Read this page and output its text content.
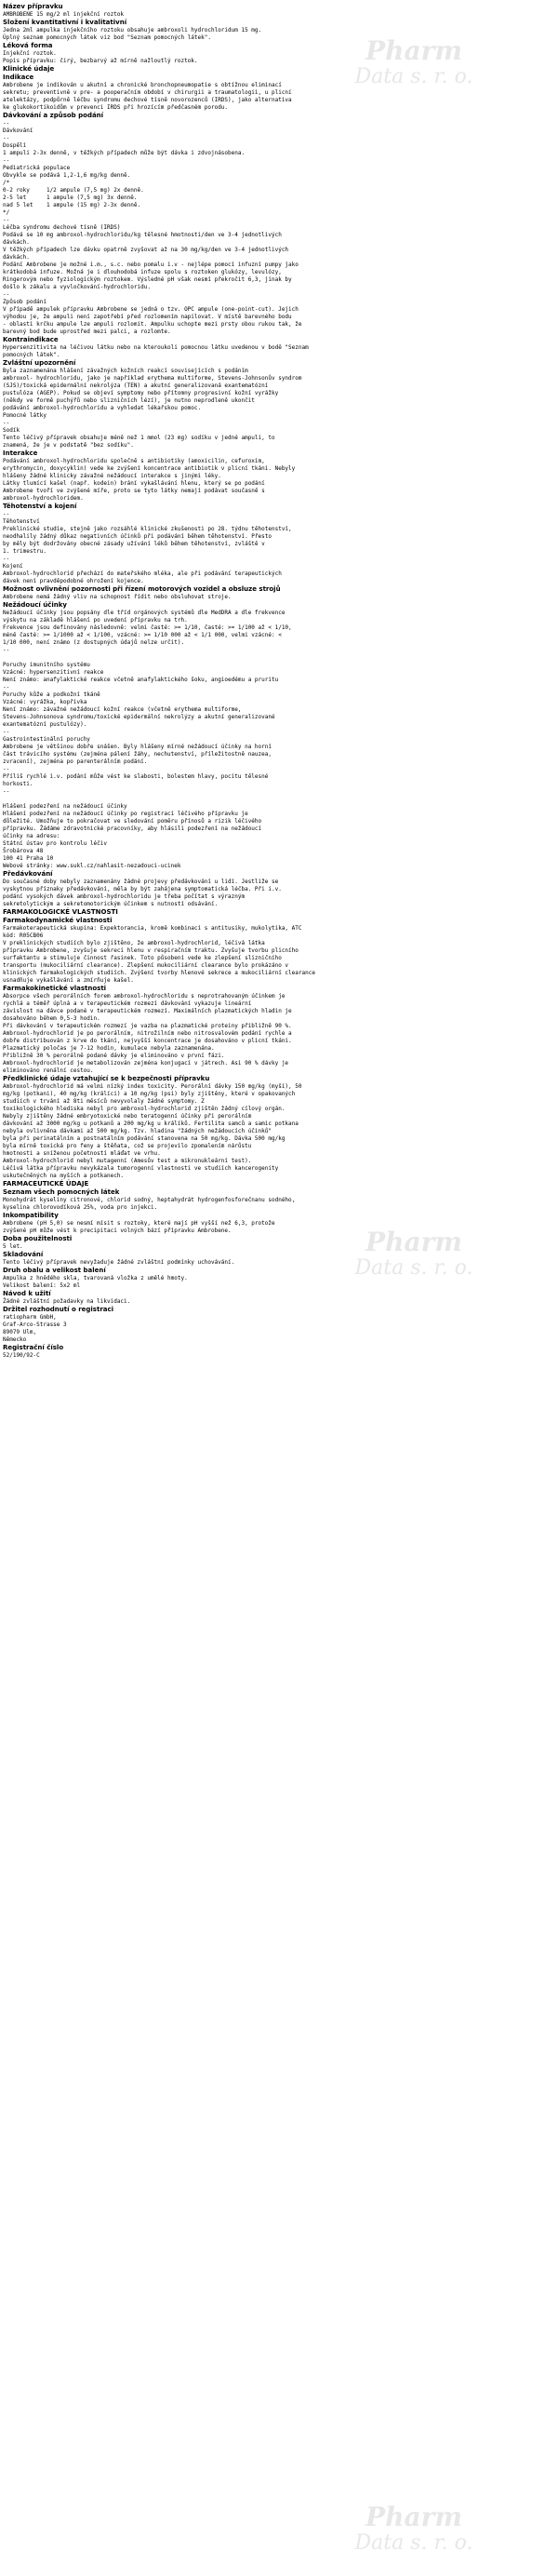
Název přípravku
AMBROBENE 15 mg/2 ml injekční roztok
Složení kvantitativní i kvalitativní
Jedna 2ml ampulka injekčního roztoku obsahuje ambroxoli hydrochloridum 15 mg.
Úplný seznam pomocných látek viz bod "Seznam pomocných látek".
Léková forma
Injekční roztok.
Popis přípravku: čirý, bezbarvý až mírně nažloutlý roztok.
Klinické údaje
Indikace
Ambrobene je indikován u akutní a chronické bronchopneumopatie s obtížnou eliminací
sekretu; preventivně v pre- a pooperačním období v chirurgii a traumatologii, u plicní
atelektázy, podpůrně léčbu syndromu dechové tísně novorozenců (IRDS), jako alternativa
ke glukokortikoidům v prevenci IRDS při hrozícím předčasném porodu.
Dávkování a způsob podání
--
Dávkování
--
Dospělí
1 ampuli 2-3x denně, v těžkých případech může být dávka i zdvojnásobena.
--
Pediatrická populace
Obvykle se podává 1,2-1,6 mg/kg denně.
/*
0-2 roky     1/2 ampule (7,5 mg) 2x denně.
2-5 let      1 ampule (7,5 mg) 3x denně.
nad 5 let    1 ampule (15 mg) 2-3x denně.
*/
--
Léčba syndromu dechové tísně (IRDS)
Podává se 10 mg ambroxol-hydrochloridu/kg tělesné hmotnosti/den ve 3-4 jednotlivých
dávkách.
V těžkých případech lze dávku opatrně zvyšovat až na 30 mg/kg/den ve 3-4 jednotlivých
dávkách.
Podání Ambrobene je možné i.m., s.c. nebo pomalu i.v - nejlépe pomocí infuzní pumpy jako
krátkodobá infuze. Možná je i dlouhodobá infuze spolu s roztoken glukózy, levulózy,
Ringerovým nebo fyziologickým roztokem. Výsledné pH však nesmí překročit 6,3, jinak by
došlo k zákalu a vyvločkování-hydrochloridu.
--
Způsob podání
V případě ampulek přípravku Ambrobene se jedná o tzv. OPC ampule (one-point-cut). Jejich
výhodou je, že ampuli není zapotřebí před rozlomením napilovat. V místě barevného bodu
- oblasti krčku ampule lze ampuli rozlomit. Ampulku uchopte mezi prsty obou rukou tak, že
barevný bod bude uprostřed mezi palci, a rozlomte.
Kontraindikace
Hypersenzitivita na léčivou látku nebo na kteroukoli pomocnou látku uvedenou v bodě "Seznam
pomocných látek".
Zvláštní upozornění
Byla zaznamenána hlášení závažných kožních reakcí souvisejících s podáním
ambroxol- hydrochloridu, jako je například erythema multiforme, Stevens-Johnsonův syndrom
(SJS)/toxická epidermální nekrolýza (TEN) a akutní generalizovaná exantematózní
pustulóza (AGEP). Pokud se objeví symptomy nebo přítomny progresivní kožní vyrážky
(někdy ve formě puchýřů nebo slizničních lézí), je nutno neprodleně ukončit
podávání ambroxol-hydrochloridu a vyhledat lékařskou pomoc.
Pomocné látky
--
Sodík
Tento léčivý přípravek obsahuje méně než 1 mmol (23 mg) sodíku v jedné ampuli, to
znamená, že je v podstatě "bez sodíku".
Interakce
Podávání ambroxol-hydrochloridu společně s antibiotiky (amoxicilin, cefuroxim,
erythromycin, doxycyklin) vede ke zvýšení koncentrace antibiotik v plicní tkáni. Nebyly
hlášeny žádné klinicky závažné nežádoucí interakce s jinými léky.
Látky tlumící kašel (např. kodein) brání vykašlávání hlenu, který se po podání
Ambrobene tvoří ve zvýšené míře, proto se tyto látky nemají podávat současně s
ambroxol-hydrochloridem.
Těhotenství a kojení
--
Těhotenství
Preklinické studie, stejně jako rozsáhlé klinické zkušenosti po 28. týdnu těhotenství,
neodhalily žádný důkaz negativních účinků při podávání během těhotenství. Přesto
by měly být dodržovány obecné zásady užívání léků během těhotenství, zvláště v
1. trimestru.
--
Kojení
Ambroxol-hydrochlorid přechází do mateřského mléka, ale při podávání terapeutických
dávek není pravděpodobné ohrožení kojence.
Možnost ovlivnění pozornosti při řízení motorových vozidel a obsluze strojů
Ambrobene nemá žádný vliv na schopnost řídit nebo obsluhovat stroje.
Nežádoucí účinky
Nežádoucí účinky jsou popsány dle tříd orgánových systémů dle MedDRA a dle frekvence
výskytu na základě hlášení po uvedení přípravku na trh.
Frekvence jsou definovány následovně: velmi časté: >= 1/10, časté: >= 1/100 až < 1/10,
méně časté: >= 1/1000 až < 1/100, vzácné: >= 1/10 000 až < 1/1 000, velmi vzácné: <
1/10 000, není známo (z dostupných údajů nelze určit).
--

Poruchy imunitního systému
Vzácné: hypersenzitivní reakce
Není známo: anafylaktické reakce včetně anafylaktického šoku, angioedému a pruritu
--
Poruchy kůže a podkožní tkáně
Vzácné: vyrážka, kopřivka
Není známo: závažné nežádoucí kožní reakce (včetně erythema multiforme,
Stevens-Johnsonova syndromu/toxické epidermální nekrolýzy a akutní generalizované
exantematózní pustulózy).
--
Gastrointestinální poruchy
Ambrobene je většinou dobře snášen. Byly hlášeny mírné nežádoucí účinky na horní
část trávicího systému (zejména pálení žáhy, nechutenství, příležitostně nauzea,
zvracení), zejména po parenterálním podání.
--
Příliš rychlé i.v. podání může vést ke slabosti, bolestem hlavy, pocitu tělesné
horkosti.
--

Hlášení podezření na nežádoucí účinky
Hlášení podezření na nežádoucí účinky po registraci léčivého přípravku je
důležité. Umožňuje to pokračovat ve sledování poměru přínosů a rizik léčivého
přípravku. Žádáme zdravotnické pracovníky, aby hlásili podezření na nežádoucí
účinky na adresu:
Státní ústav pro kontrolu léčiv
Šrobárova 48
100 41 Praha 10
Webové stránky: www.sukl.cz/nahlasit-nezadouci-ucinek
Předávkování
Do současné doby nebyly zaznamenány žádné projevy předávkování u lidí. Jestliže se
vyskytnou příznaky předávkování, měla by být zahájena symptomatická léčba. Při i.v.
podání vysokých dávek ambroxol-hydrochloridu je třeba počítat s výrazným
sekretolytickým a sekretomotorickým účinkem s nutností odsávání.
FARMAKOLOGICKÉ VLASTNOSTI
Farmakodynamické vlastnosti
Farmakoterapeutická skupina: Expektorancia, kromě kombinací s antitusiky, mukolytika, ATC
kód: R05CB06
V preklinických studiích bylo zjištěno, že ambroxol-hydrochlorid, léčivá látka
přípravku Ambrobene, zvyšuje sekreci hlenu v respiračním traktu. Zvyšuje tvorbu plicního
surfaktantu a stimuluje činnost řasinek. Toto působení vede ke zlepšení slizničního
transportu (mukociliární clearance). Zlepšení mukociliární clearance bylo prokázáno v
klinických farmakologických studiích. Zvýšení tvorby hlenové sekrece a mukociliární clearance
usnadňuje vykašlávání a zmírňuje kašel.
Farmakokinetické vlastnosti
Absorpce všech perorálních forem ambroxol-hydrochloridu s neprotrahovaným účinkem je
rychlá a téměř úplná a v terapeutickém rozmezí dávkování vykazuje lineární
závislost na dávce podané v terapeutickém rozmezí. Maximálních plazmatických hladin je
dosahováno během 0,5-3 hodin.
Při dávkování v terapeutickém rozmezí je vazba na plazmatické proteiny přibližně 90 %.
Ambroxol-hydrochlorid je po perorálním, nitrožilním nebo nitrosvalovém podání rychle a
dobře distribuován z krve do tkání, nejvyšší koncentrace je dosahováno v plicní tkáni.
Plazmatický poločas je 7-12 hodin, kumulace nebyla zaznamenána.
Přibližně 30 % perorálně podané dávky je eliminováno v první fázi.
Ambroxol-hydrochlorid je metabolizován zejména konjugací v játrech. Asi 90 % dávky je
eliminováno renální cestou.
Předklinické údaje vztahující se k bezpečnosti přípravku
Ambroxol-hydrochlorid má velmi nízký index toxicity. Perorální dávky 150 mg/kg (myši), 50
mg/kg (potkani), 40 mg/kg (králíci) a 10 mg/kg (psi) byly zjištěny, které v opakovaných
studiích v trvání až 8ti měsíců nevyvolaly žádné symptomy. Z
toxikologického hlediska nebyl pro ambroxol-hydrochlorid zjištěn žádný cílový orgán.
Nebyly zjištěny žádné embryotoxické nebo teratogenní účinky při perorálním
dávkování až 3000 mg/kg u potkanů a 200 mg/kg u králíků. Fertilita samců a samic potkana
nebyla ovlivněna dávkami až 500 mg/kg. Tzv. hladina "žádných nežádoucích účinků"
byla při perinatálním a postnatálním podávání stanovena na 50 mg/kg. Dávka 500 mg/kg
byla mírně toxická pro feny a štěňata, což se projevilo zpomalením nárůstu
hmotnosti a sníženou početností mláďat ve vrhu.
Ambroxol-hydrochlorid nebyl mutagenní (Amesův test a mikronukleární test).
Léčivá látka přípravku nevykázala tumorogenní vlastnosti ve studiích kancerogenity
uskutečněných na myších a potkanech.
FARMACEUTICKÉ ÚDAJE
Seznam všech pomocných látek
Monohydrát kyseliny citronové, chlorid sodný, heptahydrát hydrogenfosforečnanu sodného,
kyselina chlorovodíková 25%, voda pro injekci.
Inkompatibility
Ambrobene (pH 5,0) se nesmí mísit s roztoky, které mají pH vyšší než 6,3, protože
zvýšené pH může vést k precipitaci volných bází přípravku Ambrobene.
Doba použitelnosti
5 let.
Skladování
Tento léčivý přípravek nevyžaduje žádné zvláštní podmínky uchovávání.
Druh obalu a velikost balení
Ampulka z hnědého skla, tvarovaná vložka z umělé hmoty.
Velikost balení: 5x2 ml
Návod k užití
Žádné zvláštní požadavky na likvidaci.
Držitel rozhodnutí o registraci
ratiopharm GmbH,
Graf-Arco-Strasse 3
89079 Ulm,
Německo
Registrační číslo
52/190/92-C
Pharm
Data s. r. o.
Pharm
Data s. r. o.
Pharm
Data s. r. o.
